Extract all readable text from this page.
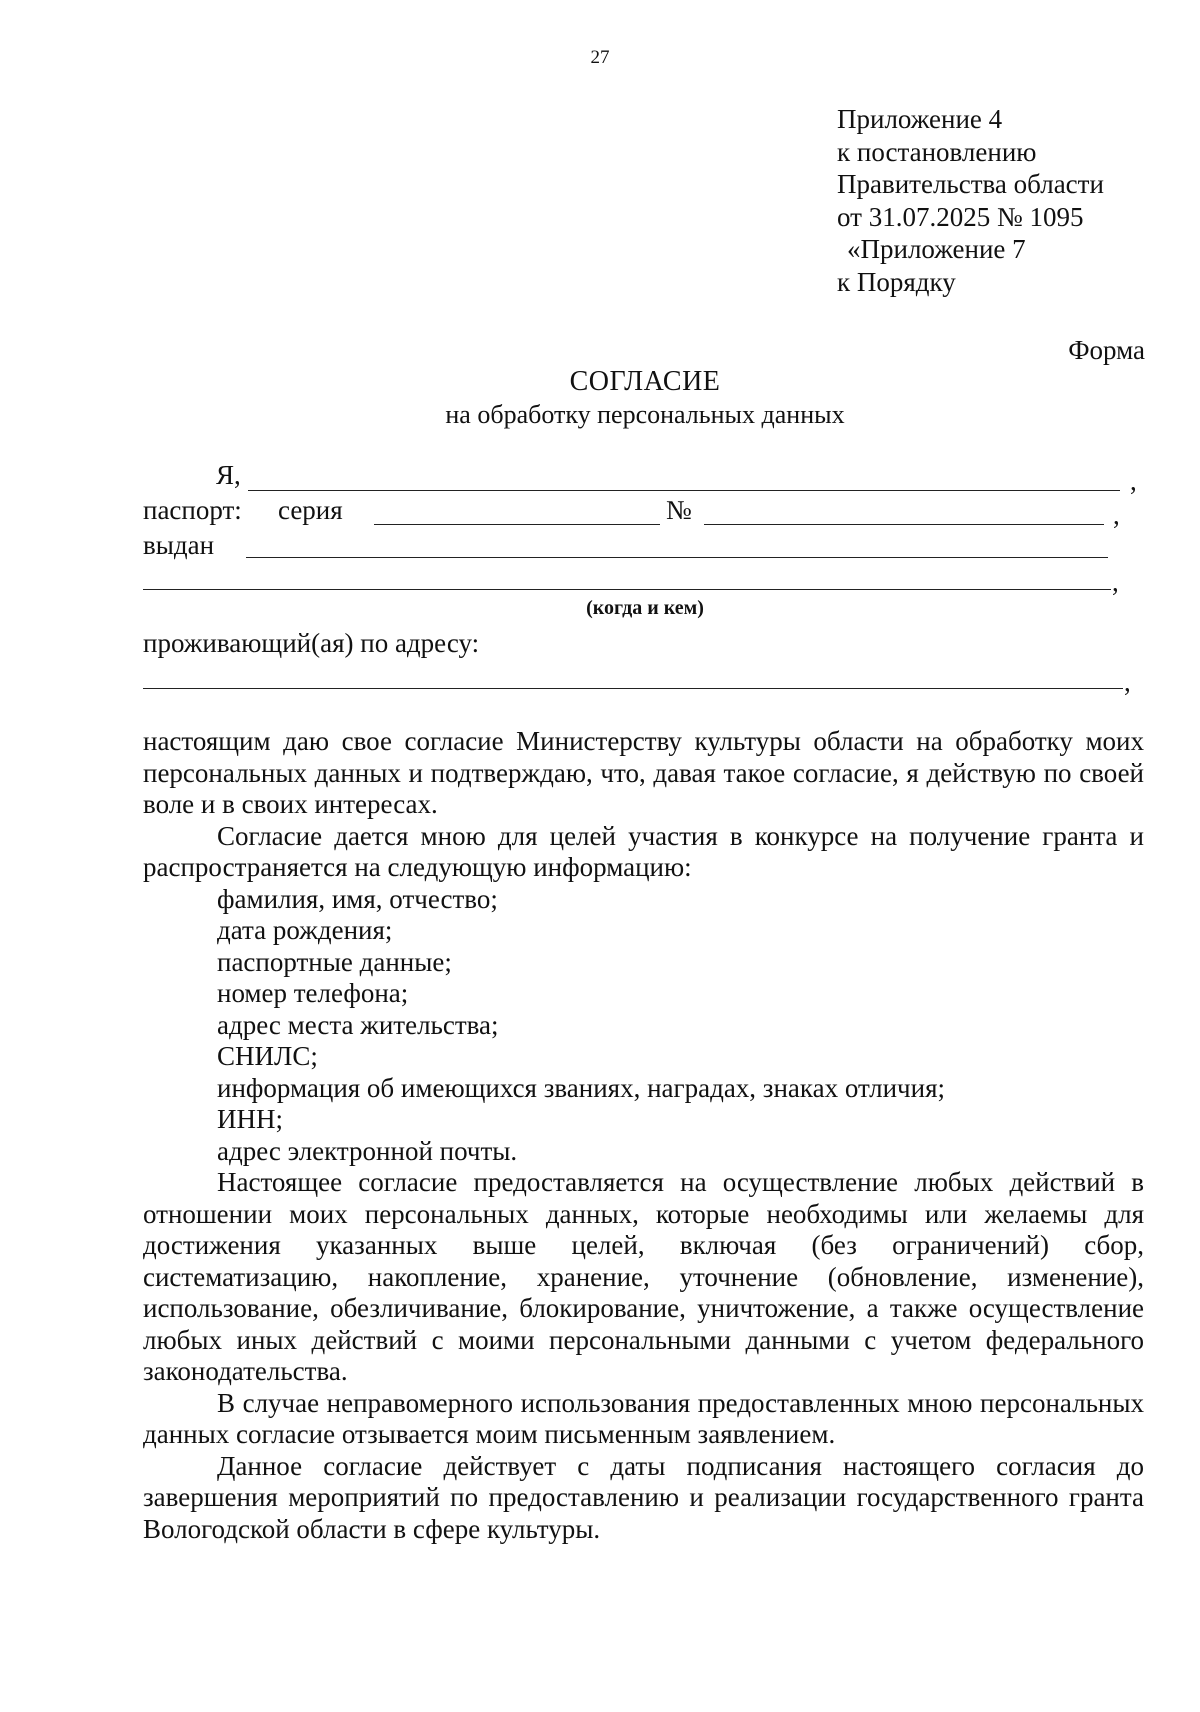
27
Приложение 4
к постановлению
Правительства области
от 31.07.2025 № 1095
«Приложение 7
к Порядку
Форма
СОГЛАСИЕ
на обработку персональных данных
Я,	,
паспорт: серия	№	,
выдан
,
(когда и кем)
проживающий(ая) по адресу:
,

настоящим даю свое согласие Министерству культуры области на обработку моих персональных данных и подтверждаю, что, давая такое согласие, я действую по своей воле и в своих интересах.

Согласие дается мною для целей участия в конкурсе на получение гранта и распространяется на следующую информацию:

фамилия, имя, отчество;
дата рождения;
паспортные данные;
номер телефона;
адрес места жительства;
СНИЛС;
информация об имеющихся званиях, наградах, знаках отличия;
ИНН;
адрес электронной почты.

Настоящее согласие предоставляется на осуществление любых действий в отношении моих персональных данных, которые необходимы или желаемы для достижения указанных выше целей, включая (без ограничений) сбор, систематизацию, накопление, хранение, уточнение (обновление, изменение), использование, обезличивание, блокирование, уничтожение, а также осуществление любых иных действий с моими персональными данными с учетом федерального законодательства.

В случае неправомерного использования предоставленных мною персональных данных согласие отзывается моим письменным заявлением.

Данное согласие действует с даты подписания настоящего согласия до завершения мероприятий по предоставлению и реализации государственного гранта Вологодской области в сфере культуры.
